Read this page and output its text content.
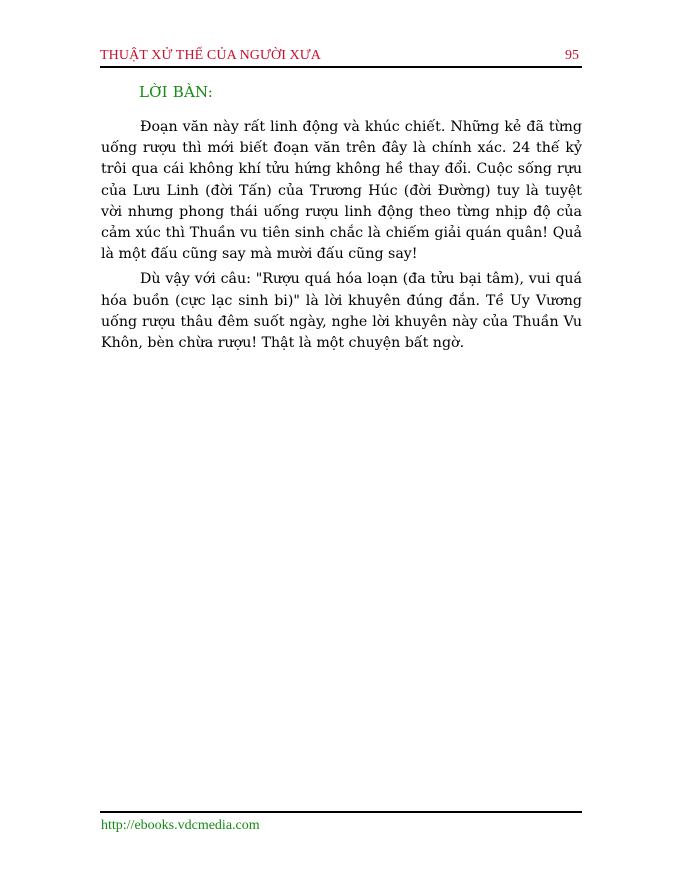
THUẬT XỬ THẾ CỦA NGƯỜI XƯA	95
LỜI BÀN:

Đoạn văn này rất linh động và khúc chiết. Những kẻ đã từng uống rượu thì mới biết đoạn văn trên đây là chính xác. 24 thế kỷ trôi qua cái không khí tửu hứng không hề thay đổi. Cuộc sống rựu của Lưu Linh (đời Tấn) của Trương Húc (đời Đường) tuy là tuyệt vời nhưng phong thái uống rượu linh động theo từng nhịp độ của cảm xúc thì Thuần vu tiên sinh chắc là chiếm giải quán quân! Quả là một đấu cũng say mà mười đấu cũng say!

Dù vậy với câu: "Rượu quá hóa loạn (đa tửu bại tâm), vui quá hóa buồn (cực lạc sinh bi)" là lời khuyên đúng đắn. Tề Uy Vương uống rượu thâu đêm suốt ngày, nghe lời khuyên này của Thuần Vu Khôn, bèn chừa rượu! Thật là một chuyện bất ngờ.

http://ebooks.vdcmedia.com
